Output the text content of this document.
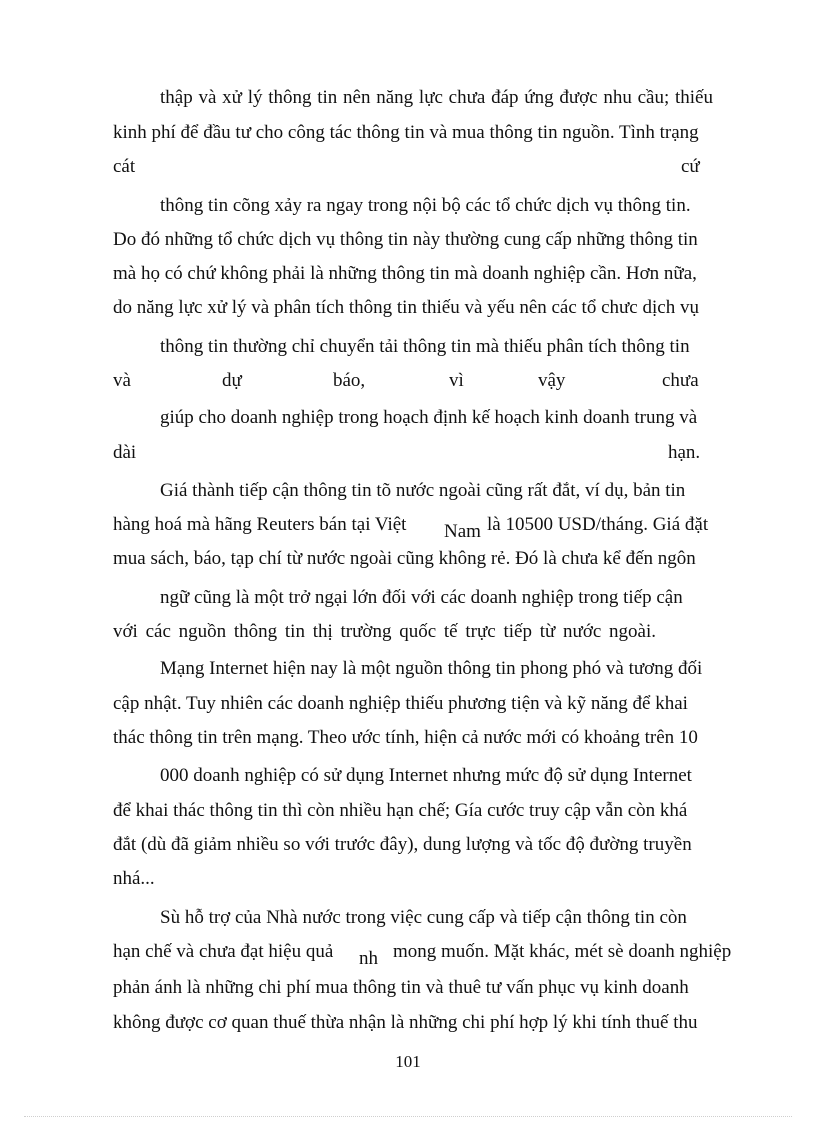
thập và xử lý thông tin nên năng lực chưa đáp ứng được nhu cầu; thiếu
kinh phí để đầu tư cho công tác thông tin và mua thông tin nguồn. Tình trạng
cát	cứ
thông tin cõng xảy ra ngay trong nội bộ các tổ chức dịch vụ thông tin.
Do đó những tổ chức dịch vụ thông tin này thường cung cấp những thông tin
mà họ có chứ không phải là những thông tin mà doanh nghiệp cần. Hơn nữa,
do năng lực xử lý và phân tích thông tin thiếu và yếu nên các tổ chưc dịch vụ
thông tin thường chỉ chuyển tải thông tin mà thiếu phân tích thông tin
và	dự	báo,	vì	vậy	chưa
giúp cho doanh nghiệp trong hoạch định kế hoạch kinh doanh trung và
dài	hạn.
Giá thành tiếp cận thông tin tõ nước ngoài cũng rất đắt, ví dụ, bản tin
hàng hoá mà hãng Reuters bán tại Việt Nam là 10500 USD/tháng. Giá đặt
mua sách, báo, tạp chí từ nước ngoài cũng không rẻ. Đó là chưa kể đến ngôn
ngữ cũng là một trở ngại lớn đối với các doanh nghiệp trong tiếp cận
với các nguồn thông tin thị trường quốc tế trực tiếp từ nước ngoài.
Mạng Internet hiện nay là một nguồn thông tin phong phó và tương đối
cập nhật. Tuy nhiên các doanh nghiệp thiếu phương tiện và kỹ năng để khai
thác thông tin trên mạng. Theo ước tính, hiện cả nước mới có khoảng trên 10
000 doanh nghiệp có sử dụng Internet nhưng mức độ sử dụng Internet
để khai thác thông tin thì còn nhiều hạn chế; Gía cước truy cập vẫn còn khá
đắt (dù đã giảm nhiều so với trước đây), dung lượng và tốc độ đường truyền
nhá...
Sù hỗ trợ của Nhà nước trong việc cung cấp và tiếp cận thông tin còn
hạn chế và chưa đạt hiệu quả nh mong muốn. Mặt khác, mét sè doanh nghiệp
phản ánh là những chi phí mua thông tin và thuê tư vấn phục vụ kinh doanh
không được cơ quan thuế thừa nhận là những chi phí hợp lý khi tính thuế thu
101
